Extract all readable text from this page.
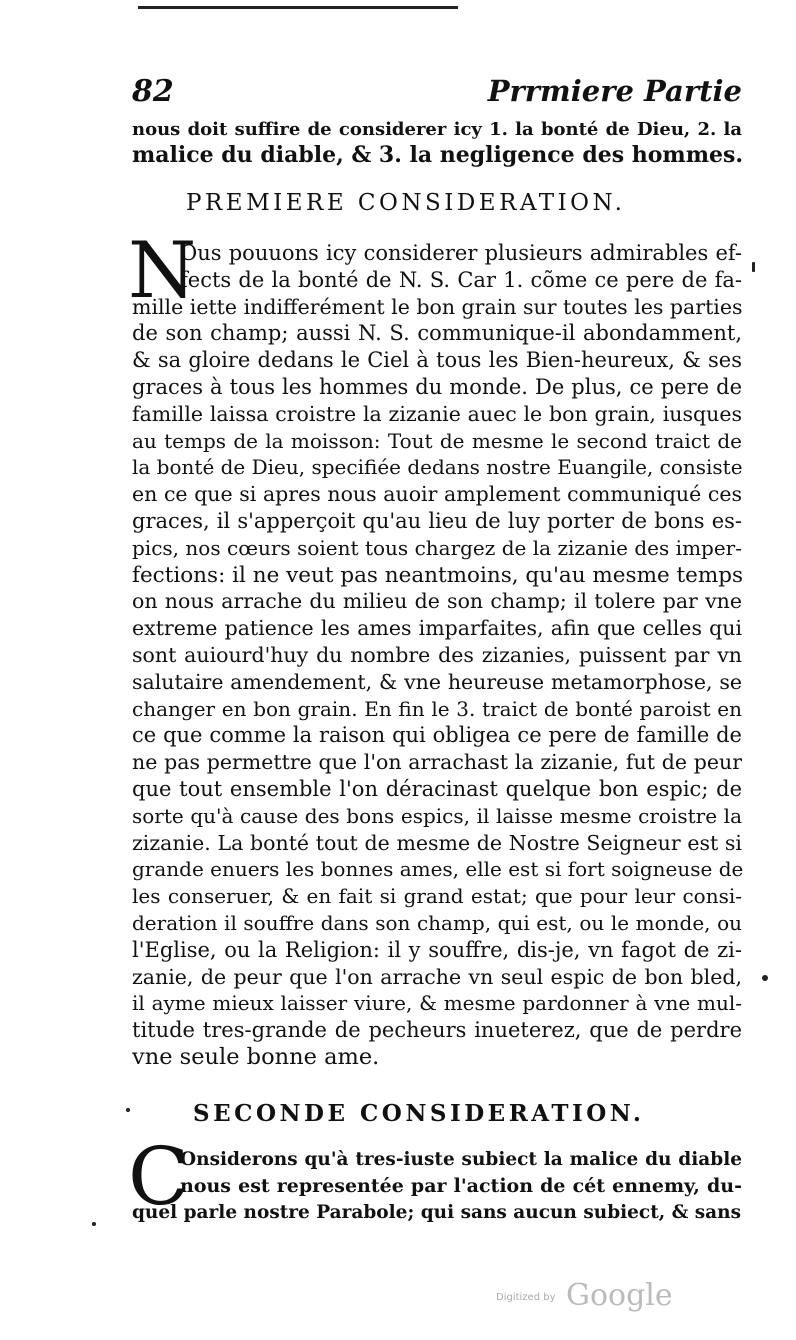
82	Prrmiere Partie
nous doit suffire de considerer icy 1. la bonté de Dieu, 2. la
malice du diable, & 3. la negligence des hommes.
PREMIERE CONSIDERATION.
N
Ous pouuons icy considerer plusieurs admirables ef-
fects de la bonté de N. S. Car 1. cõme ce pere de fa-
mille iette indifferément le bon grain sur toutes les parties
de son champ; aussi N. S. communique-il abondamment,
& sa gloire dedans le Ciel à tous les Bien-heureux, & ses
graces à tous les hommes du monde. De plus, ce pere de
famille laissa croistre la zizanie auec le bon grain, iusques
au temps de la moisson: Tout de mesme le second traict de
la bonté de Dieu, specifiée dedans nostre Euangile, consiste
en ce que si apres nous auoir amplement communiqué ces
graces, il s'apperçoit qu'au lieu de luy porter de bons es-
pics, nos cœurs soient tous chargez de la zizanie des imper-
fections: il ne veut pas neantmoins, qu'au mesme temps
on nous arrache du milieu de son champ; il tolere par vne
extreme patience les ames imparfaites, afin que celles qui
sont auiourd'huy du nombre des zizanies, puissent par vn
salutaire amendement, & vne heureuse metamorphose, se
changer en bon grain. En fin le 3. traict de bonté paroist en
ce que comme la raison qui obligea ce pere de famille de
ne pas permettre que l'on arrachast la zizanie, fut de peur
que tout ensemble l'on déracinast quelque bon espic; de
sorte qu'à cause des bons espics, il laisse mesme croistre la
zizanie. La bonté tout de mesme de Nostre Seigneur est si
grande enuers les bonnes ames, elle est si fort soigneuse de
les conseruer, & en fait si grand estat; que pour leur consi-
deration il souffre dans son champ, qui est, ou le monde, ou
l'Eglise, ou la Religion: il y souffre, dis-je, vn fagot de zi-
zanie, de peur que l'on arrache vn seul espic de bon bled,
il ayme mieux laisser viure, & mesme pardonner à vne mul-
titude tres-grande de pecheurs inueterez, que de perdre
vne seule bonne ame.
SECONDE CONSIDERATION.
C
Onsiderons qu'à tres-iuste subiect la malice du diable
nous est representée par l'action de cét ennemy, du-
quel parle nostre Parabole; qui sans aucun subiect, & sans
Digitized by Google
